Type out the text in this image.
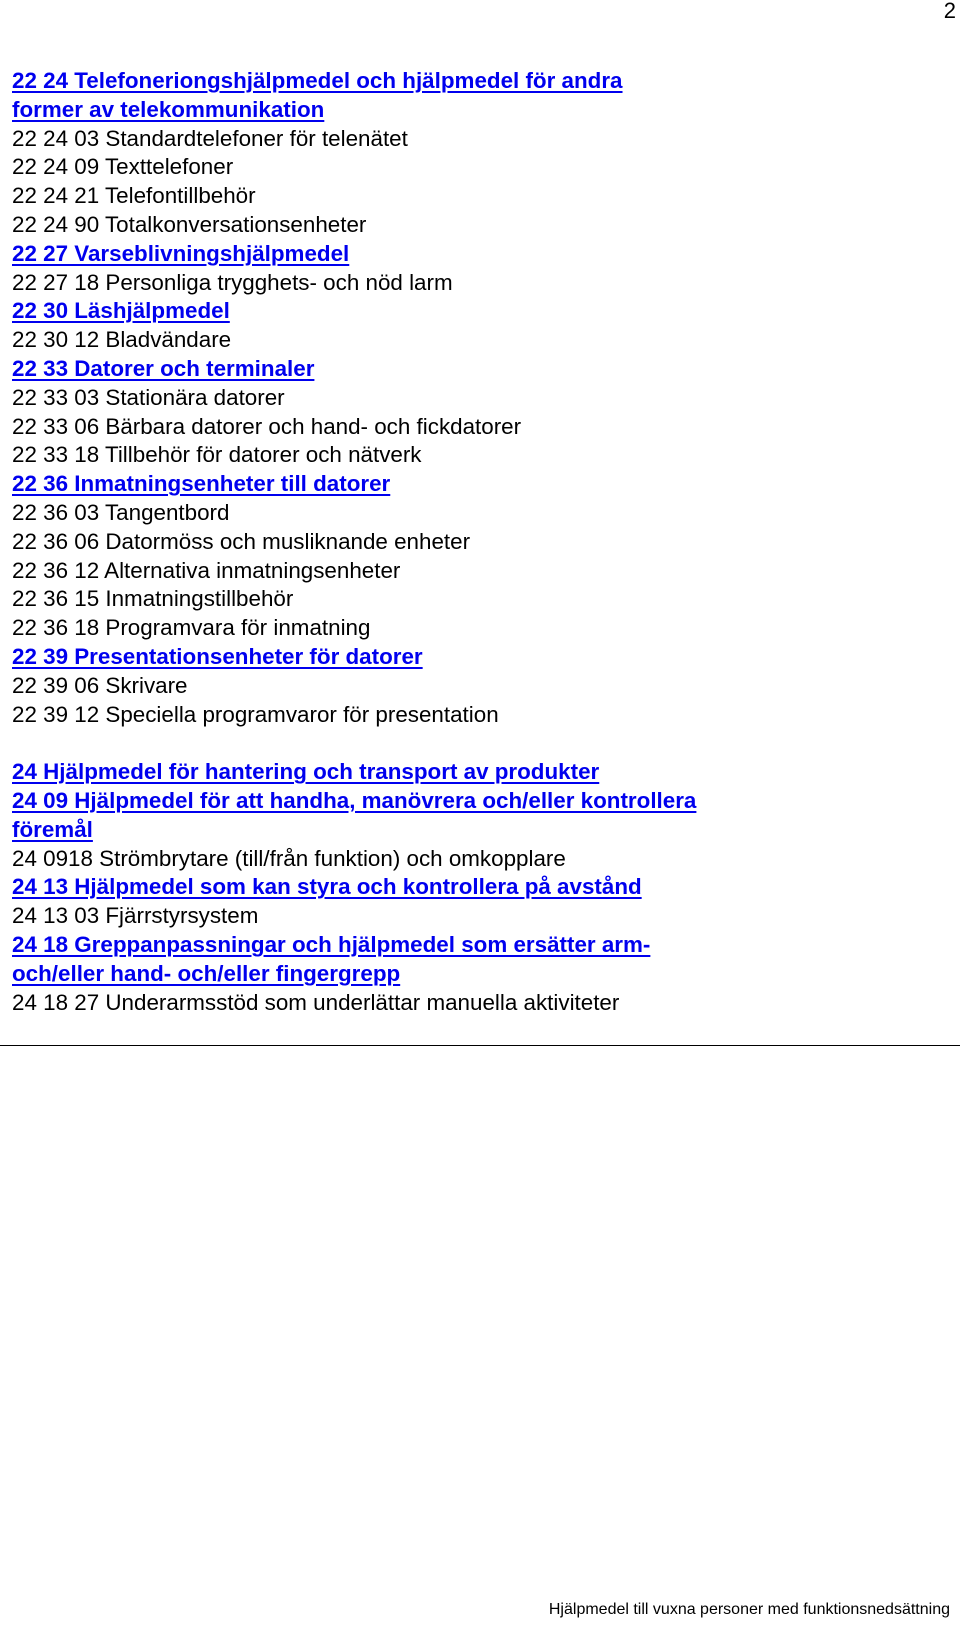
2
22 24 Telefoneriongshjälpmedel och hjälpmedel för andra
former av telekommunikation
22 24 03 Standardtelefoner för telenätet
22 24 09 Texttelefoner
22 24 21 Telefontillbehör
22 24 90 Totalkonversationsenheter
22 27 Varseblivningshjälpmedel
22 27 18 Personliga trygghets- och nöd larm
22 30 Läshjälpmedel
22 30 12 Bladvändare
22 33 Datorer och terminaler
22 33 03 Stationära datorer
22 33 06 Bärbara datorer och hand- och fickdatorer
22 33 18 Tillbehör för datorer och nätverk
22 36 Inmatningsenheter till datorer
22 36 03 Tangentbord
22 36 06 Datormöss och musliknande enheter
22 36 12 Alternativa inmatningsenheter
22 36 15 Inmatningstillbehör
22 36 18 Programvara för inmatning
22 39 Presentationsenheter för datorer
22 39 06 Skrivare
22 39 12 Speciella programvaror för presentation
24 Hjälpmedel för hantering och transport av produkter
24 09 Hjälpmedel för att handha, manövrera och/eller kontrollera
föremål
24 0918 Strömbrytare (till/från funktion) och omkopplare
24 13 Hjälpmedel som kan styra och kontrollera på avstånd
24 13 03 Fjärrstyrsystem
24 18 Greppanpassningar och hjälpmedel som ersätter arm-
och/eller hand- och/eller fingergrepp
24 18 27 Underarmsstöd som underlättar manuella aktiviteter
Hjälpmedel till vuxna personer med funktionsnedsättning
